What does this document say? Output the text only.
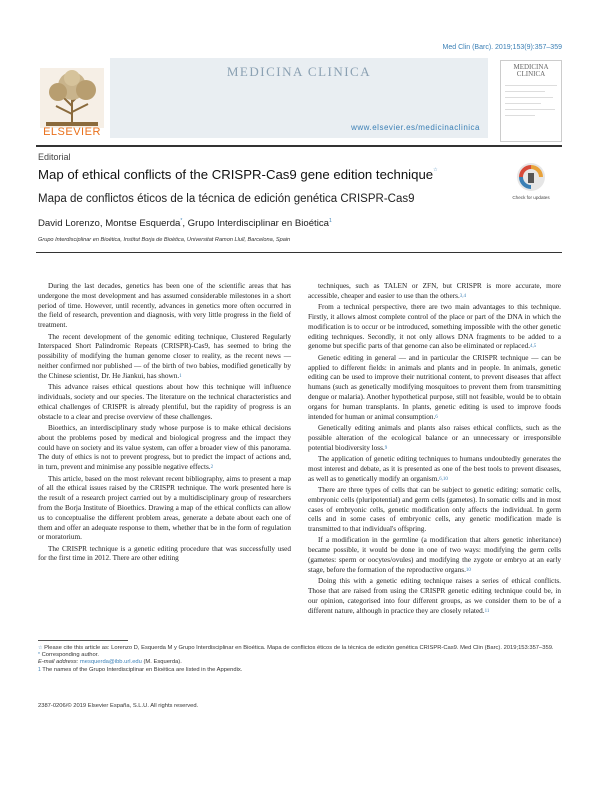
Med Clin (Barc). 2019;153(9):357–359
ELSEVIER
MEDICINA CLINICA
www.elsevier.es/medicinaclinica
MEDICINA CLINICA
Editorial
Map of ethical conflicts of the CRISPR-Cas9 gene edition technique☆
Mapa de conflictos éticos de la técnica de edición genética CRISPR-Cas9
David Lorenzo, Montse Esquerda*, Grupo Interdisciplinar en Bioética$^1$
Grupo Interdisciplinar en Bioética, Institut Borja de Bioètica, Universitat Ramon Llull, Barcelona, Spain
Check for updates

During the last decades, genetics has been one of the scientific areas that has undergone the most development and has assumed considerable milestones in a short period of time. However, until recently, advances in genetics more often occurred in the field of research, prevention and diagnosis, with very little progress in the field of treatment.

The recent development of the genomic editing technique, Clustered Regularly Interspaced Short Palindromic Repeats (CRISPR)-Cas9, has seemed to bring the possibility of modifying the human genome closer to reality, as the recent news — neither confirmed nor published — of the birth of two babies, modified genetically by the Chinese scientist, Dr. He Jiankui, has shown.$^1$

This advance raises ethical questions about how this technique will influence individuals, society and our species. The literature on the technical characteristics and ethical challenges of CRISPR is already plentiful, but the rapidity of progress is an obstacle to a clear and precise overview of these challenges.

Bioethics, an interdisciplinary study whose purpose is to make ethical decisions about the problems posed by medical and biological progress and the impact they could have on society and its value system, can offer a broader view of this panorama. The duty of ethics is not to prevent progress, but to predict the impact of actions and, in turn, prevent and minimise any possible negative effects.$^2$

This article, based on the most relevant recent bibliography, aims to present a map of all the ethical issues raised by the CRISPR technique. The work presented here is the result of a research project carried out by a multidisciplinary group of researchers from the Borja Institute of Bioethics. Drawing a map of the ethical conflicts can allow us to conceptualise the different problem areas, generate a debate about each one of them and offer an adequate response to them, whether that be in the form of regulation or moratorium.

The CRISPR technique is a genetic editing procedure that was successfully used for the first time in 2012. There are other editing

techniques, such as TALEN or ZFN, but CRISPR is more accurate, more accessible, cheaper and easier to use than the others.$^{3,4}$

From a technical perspective, there are two main advantages to this technique. Firstly, it allows almost complete control of the place or part of the DNA in which the modification is to occur or be introduced, something impossible with the other genetic editing techniques. Secondly, it not only allows DNA fragments to be added to a genome but specific parts of that genome can also be eliminated or replaced.$^{4,5}$

Genetic editing in general — and in particular the CRISPR technique — can be applied to different fields: in animals and plants and in people. In animals, genetic editing can be used to improve their nutritional content, to prevent diseases that affect humans (such as genetically modifying mosquitoes to prevent them from transmitting dengue or malaria). Another hypothetical purpose, still not feasible, would be to obtain organs for human transplants. In plants, genetic editing is used to improve foods intended for human or animal consumption.$^6$

Genetically editing animals and plants also raises ethical conflicts, such as the possible alteration of the ecological balance or an unnecessary or irresponsible potential biodiversity loss.$^9$

The application of genetic editing techniques to humans undoubtedly generates the most interest and debate, as it is presented as one of the best tools to prevent diseases, as well as to genetically modify an organism.$^{6,10}$

There are three types of cells that can be subject to genetic editing: somatic cells, embryonic cells (pluripotential) and germ cells (gametes). In somatic cells and in most cases of embryonic cells, genetic modification only affects the individual. In germ cells and in some cases of embryonic cells, any genetic modification made is transmitted to that individual's offspring.

If a modification in the germline (a modification that alters genetic inheritance) became possible, it would be done in one of two ways: modifying the germ cells (gametes: sperm or oocytes/ovules) and modifying the zygote or embryo at an early stage, before the formation of the reproductive organs.$^{10}$

Doing this with a genetic editing technique raises a series of ethical conflicts. Those that are raised from using the CRISPR genetic editing technique could be, in our opinion, categorised into four different groups, as we consider them to be of a different nature, although in practice they are closely related.$^{11}$

☆ Please cite this article as: Lorenzo D, Esquerda M y Grupo Interdisciplinar en Bioética. Mapa de conflictos éticos de la técnica de edición genética CRISPR-Cas9. Med Clin (Barc). 2019;153:357–359.
* Corresponding author.
E-mail address: mesquerda@ibb.url.edu (M. Esquerda).
1 The names of the Grupo Interdisciplinar en Bioética are listed in the Appendix.
2387-0206/© 2019 Elsevier España, S.L.U. All rights reserved.
